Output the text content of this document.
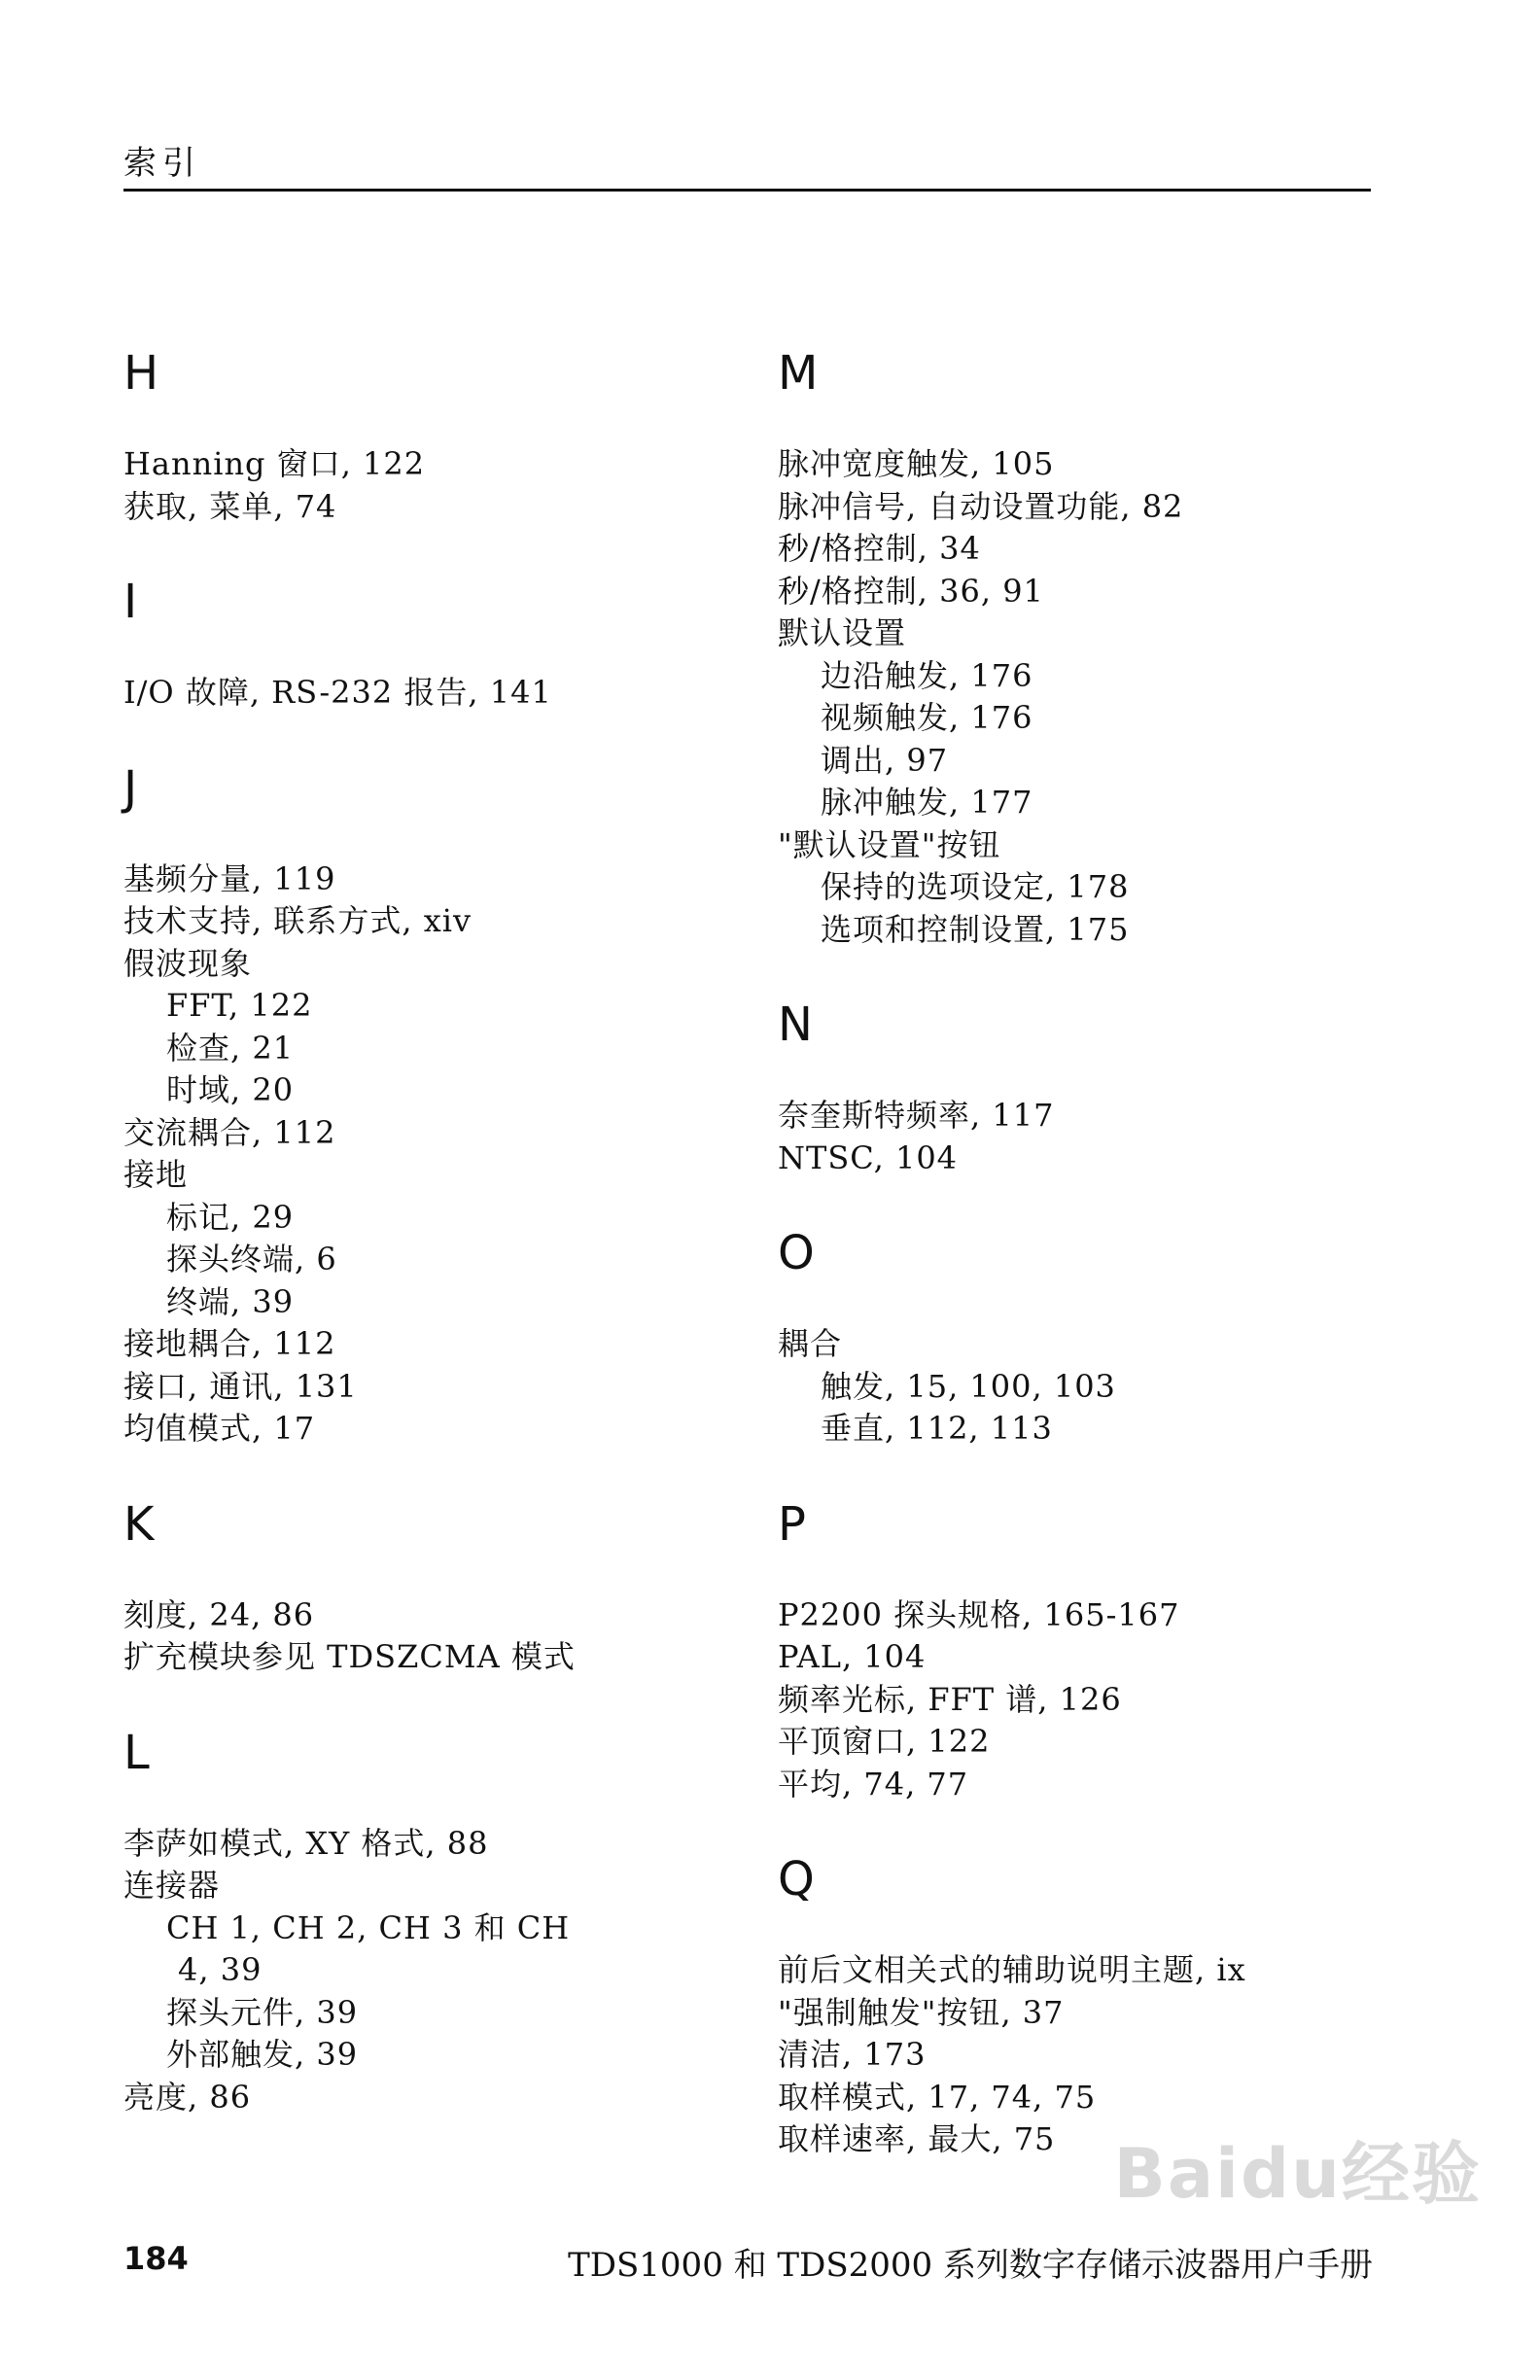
索引
H
Hanning 窗口, 122
获取, 菜单, 74
I
I/O 故障, RS-232 报告, 141
J
基频分量, 119
技术支持, 联系方式, xiv
假波现象
FFT, 122
检查, 21
时域, 20
交流耦合, 112
接地
标记, 29
探头终端, 6
终端, 39
接地耦合, 112
接口, 通讯, 131
均值模式, 17
K
刻度, 24, 86
扩充模块参见 TDSZCMA 模式
L
李萨如模式, XY 格式, 88
连接器
CH 1, CH 2, CH 3 和 CH
4, 39
探头元件, 39
外部触发, 39
亮度, 86
M
脉冲宽度触发, 105
脉冲信号, 自动设置功能, 82
秒/格控制, 34
秒/格控制, 36, 91
默认设置
边沿触发, 176
视频触发, 176
调出, 97
脉冲触发, 177
"默认设置"按钮
保持的选项设定, 178
选项和控制设置, 175
N
奈奎斯特频率, 117
NTSC, 104
O
耦合
触发, 15, 100, 103
垂直, 112, 113
P
P2200 探头规格, 165-167
PAL, 104
频率光标, FFT 谱, 126
平顶窗口, 122
平均, 74, 77
Q
前后文相关式的辅助说明主题, ix
"强制触发"按钮, 37
清洁, 173
取样模式, 17, 74, 75
取样速率, 最大, 75 Baidu经验
184	TDS1000 和 TDS2000 系列数字存储示波器用户手册
